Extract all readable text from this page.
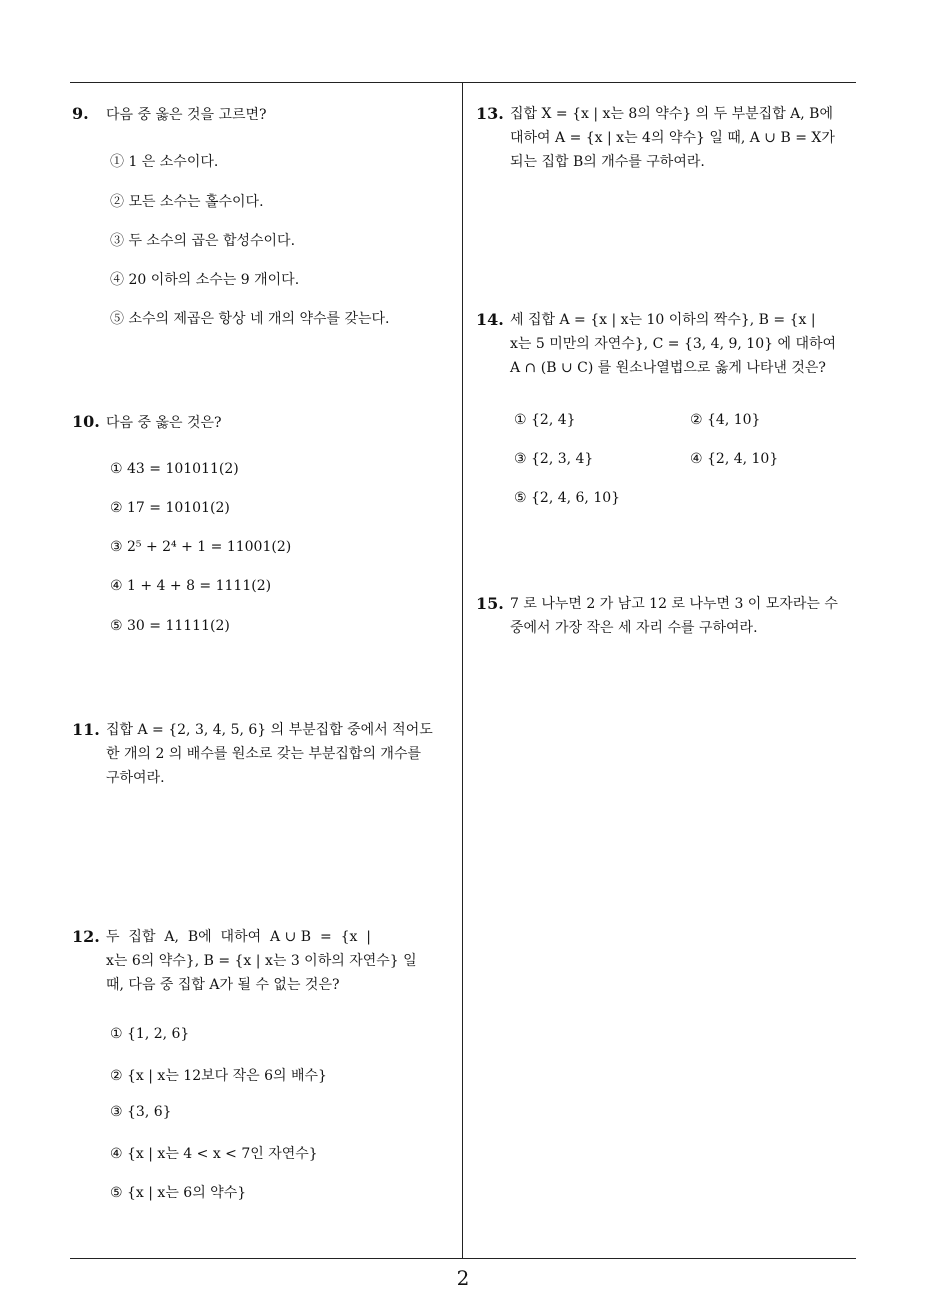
9. 다음 중 옳은 것을 고르면?
① 1 은 소수이다.
② 모든 소수는 홀수이다.
③ 두 소수의 곱은 합성수이다.
④ 20 이하의 소수는 9 개이다.
⑤ 소수의 제곱은 항상 네 개의 약수를 갖는다.
10. 다음 중 옳은 것은?
① 43 = 101011(2)
② 17 = 10101(2)
③ 2⁵ + 2⁴ + 1 = 11001(2)
④ 1 + 4 + 8 = 1111(2)
⑤ 30 = 11111(2)
11. 집합 A = {2, 3, 4, 5, 6} 의 부분집합 중에서 적어도
한 개의 2 의 배수를 원소로 갖는 부분집합의 개수를
구하여라.
12. 두  집합  A,  B에  대하여  A ∪ B  =  {x  |
x는 6의 약수}, B = {x | x는 3 이하의 자연수} 일
때, 다음 중 집합 A가 될 수 없는 것은?
① {1, 2, 6}
② {x | x는 12보다 작은 6의 배수}
③ {3, 6}
④ {x | x는 4 < x < 7인 자연수}
⑤ {x | x는 6의 약수}
13. 집합 X = {x | x는 8의 약수} 의 두 부분집합 A, B에
대하여 A = {x | x는 4의 약수} 일 때, A ∪ B = X가
되는 집합 B의 개수를 구하여라.
14. 세 집합 A = {x | x는 10 이하의 짝수}, B = {x |
x는 5 미만의 자연수}, C = {3, 4, 9, 10} 에 대하여
A ∩ (B ∪ C) 를 원소나열법으로 옳게 나타낸 것은?
① {2, 4}	② {4, 10}
③ {2, 3, 4}	④ {2, 4, 10}
⑤ {2, 4, 6, 10}
15. 7 로 나누면 2 가 남고 12 로 나누면 3 이 모자라는 수
중에서 가장 작은 세 자리 수를 구하여라.
2
